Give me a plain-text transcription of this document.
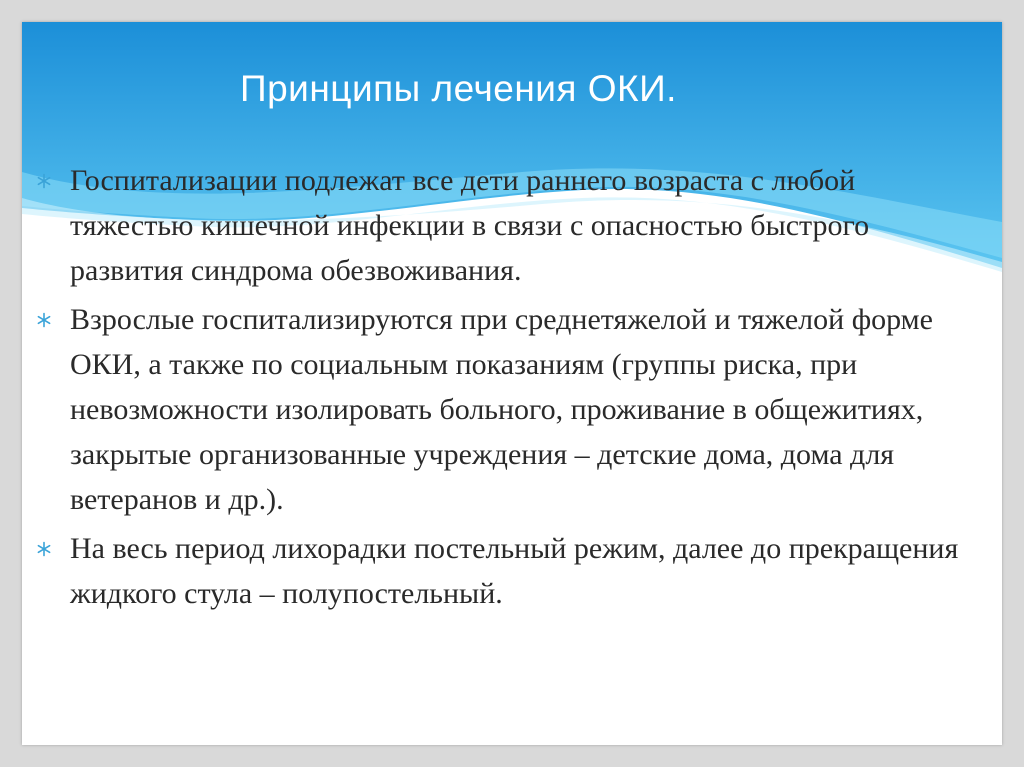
Принципы лечения ОКИ.
Госпитализации подлежат все дети раннего возраста с любой тяжестью кишечной инфекции в связи с опасностью быстрого развития синдрома обезвоживания.
Взрослые госпитализируются при среднетяжелой и тяжелой форме ОКИ, а также по социальным показаниям (группы риска, при невозможности изолировать больного, проживание в общежитиях, закрытые организованные учреждения – детские дома, дома для ветеранов и др.).
На весь период лихорадки постельный режим, далее до прекращения жидкого стула – полупостельный.
